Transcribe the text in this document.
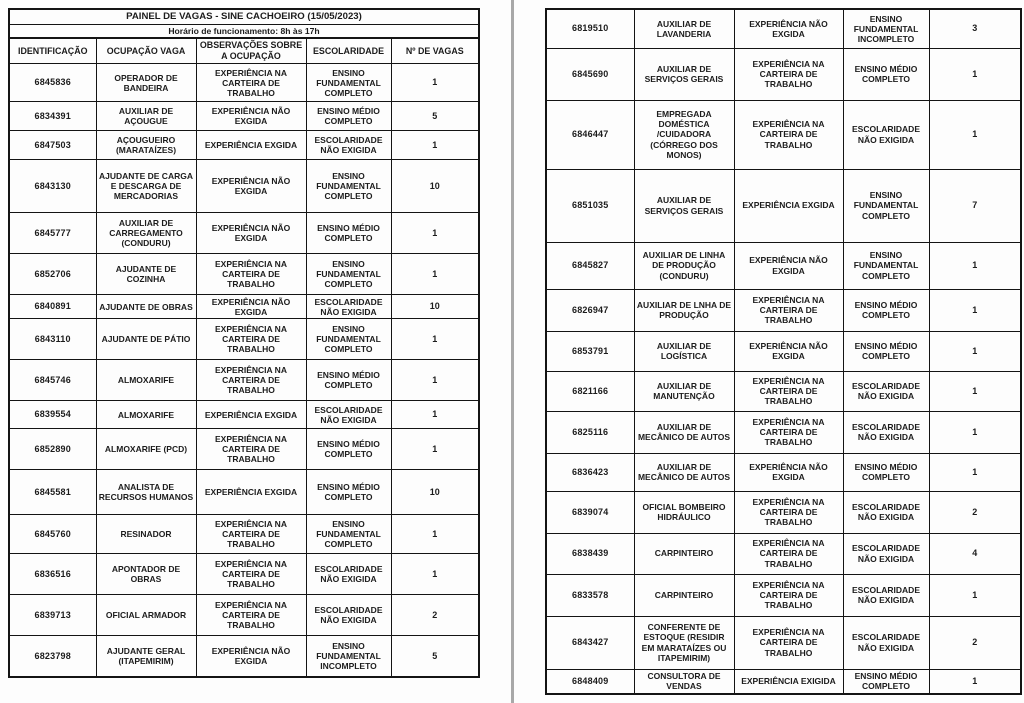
PAINEL DE VAGAS - SINE CACHOEIRO (15/05/2023)				
Horário de funcionamento: 8h às 17h				
IDENTIFICAÇÃO	OCUPAÇÃO VAGA	OBSERVAÇÕES SOBRE A OCUPAÇÃO	ESCOLARIDADE	Nº DE VAGAS
6845836	OPERADOR DE BANDEIRA	EXPERIÊNCIA NA CARTEIRA DE TRABALHO	ENSINO FUNDAMENTAL COMPLETO	1
6834391	AUXILIAR DE AÇOUGUE	EXPERIÊNCIA NÃO EXGIDA	ENSINO MÉDIO COMPLETO	5
6847503	AÇOUGUEIRO (MARATAÍZES)	EXPERIÊNCIA EXGIDA	ESCOLARIDADE NÃO EXIGIDA	1
6843130	AJUDANTE DE CARGA E DESCARGA DE MERCADORIAS	EXPERIÊNCIA NÃO EXGIDA	ENSINO FUNDAMENTAL COMPLETO	10
6845777	AUXILIAR DE CARREGAMENTO (CONDURU)	EXPERIÊNCIA NÃO EXGIDA	ENSINO MÉDIO COMPLETO	1
6852706	AJUDANTE DE COZINHA	EXPERIÊNCIA NA CARTEIRA DE TRABALHO	ENSINO FUNDAMENTAL COMPLETO	1
6840891	AJUDANTE DE OBRAS	EXPERIÊNCIA NÃO EXGIDA	ESCOLARIDADE NÃO EXIGIDA	10
6843110	AJUDANTE DE PÁTIO	EXPERIÊNCIA NA CARTEIRA DE TRABALHO	ENSINO FUNDAMENTAL COMPLETO	1
6845746	ALMOXARIFE	EXPERIÊNCIA NA CARTEIRA DE TRABALHO	ENSINO MÉDIO COMPLETO	1
6839554	ALMOXARIFE	EXPERIÊNCIA EXGIDA	ESCOLARIDADE NÃO EXIGIDA	1
6852890	ALMOXARIFE (PCD)	EXPERIÊNCIA NA CARTEIRA DE TRABALHO	ENSINO MÉDIO COMPLETO	1
6845581	ANALISTA DE RECURSOS HUMANOS	EXPERIÊNCIA EXGIDA	ENSINO MÉDIO COMPLETO	10
6845760	RESINADOR	EXPERIÊNCIA NA CARTEIRA DE TRABALHO	ENSINO FUNDAMENTAL COMPLETO	1
6836516	APONTADOR DE OBRAS	EXPERIÊNCIA NA CARTEIRA DE TRABALHO	ESCOLARIDADE NÃO EXIGIDA	1
6839713	OFICIAL ARMADOR	EXPERIÊNCIA NA CARTEIRA DE TRABALHO	ESCOLARIDADE NÃO EXIGIDA	2
6823798	AJUDANTE GERAL (ITAPEMIRIM)	EXPERIÊNCIA NÃO EXGIDA	ENSINO FUNDAMENTAL INCOMPLETO	5
6819510	AUXILIAR DE LAVANDERIA	EXPERIÊNCIA NÃO EXGIDA	ENSINO FUNDAMENTAL INCOMPLETO	3
6845690	AUXILIAR DE SERVIÇOS GERAIS	EXPERIÊNCIA NA CARTEIRA DE TRABALHO	ENSINO MÉDIO COMPLETO	1
6846447	EMPREGADA DOMÉSTICA /CUIDADORA (CÓRREGO DOS MONOS)	EXPERIÊNCIA NA CARTEIRA DE TRABALHO	ESCOLARIDADE NÃO EXIGIDA	1
6851035	AUXILIAR DE SERVIÇOS GERAIS	EXPERIÊNCIA EXGIDA	ENSINO FUNDAMENTAL COMPLETO	7
6845827	AUXILIAR DE LINHA DE PRODUÇÃO (CONDURU)	EXPERIÊNCIA NÃO EXGIDA	ENSINO FUNDAMENTAL COMPLETO	1
6826947	AUXILIAR DE LNHA DE PRODUÇÃO	EXPERIÊNCIA NA CARTEIRA DE TRABALHO	ENSINO MÉDIO COMPLETO	1
6853791	AUXILIAR DE LOGÍSTICA	EXPERIÊNCIA NÃO EXGIDA	ENSINO MÉDIO COMPLETO	1
6821166	AUXILIAR DE MANUTENÇÃO	EXPERIÊNCIA NA CARTEIRA DE TRABALHO	ESCOLARIDADE NÃO EXIGIDA	1
6825116	AUXILIAR DE MECÂNICO DE AUTOS	EXPERIÊNCIA NA CARTEIRA DE TRABALHO	ESCOLARIDADE NÃO EXIGIDA	1
6836423	AUXILIAR DE MECÂNICO DE AUTOS	EXPERIÊNCIA NÃO EXGIDA	ENSINO MÉDIO COMPLETO	1
6839074	OFICIAL BOMBEIRO HIDRÁULICO	EXPERIÊNCIA NA CARTEIRA DE TRABALHO	ESCOLARIDADE NÃO EXIGIDA	2
6838439	CARPINTEIRO	EXPERIÊNCIA NA CARTEIRA DE TRABALHO	ESCOLARIDADE NÃO EXIGIDA	4
6833578	CARPINTEIRO	EXPERIÊNCIA NA CARTEIRA DE TRABALHO	ESCOLARIDADE NÃO EXIGIDA	1
6843427	CONFERENTE DE ESTOQUE (RESIDIR EM MARATAÍZES OU ITAPEMIRIM)	EXPERIÊNCIA NA CARTEIRA DE TRABALHO	ESCOLARIDADE NÃO EXIGIDA	2
6848409	CONSULTORA DE VENDAS	EXPERIÊNCIA EXIGIDA	ENSINO MÉDIO COMPLETO	1
